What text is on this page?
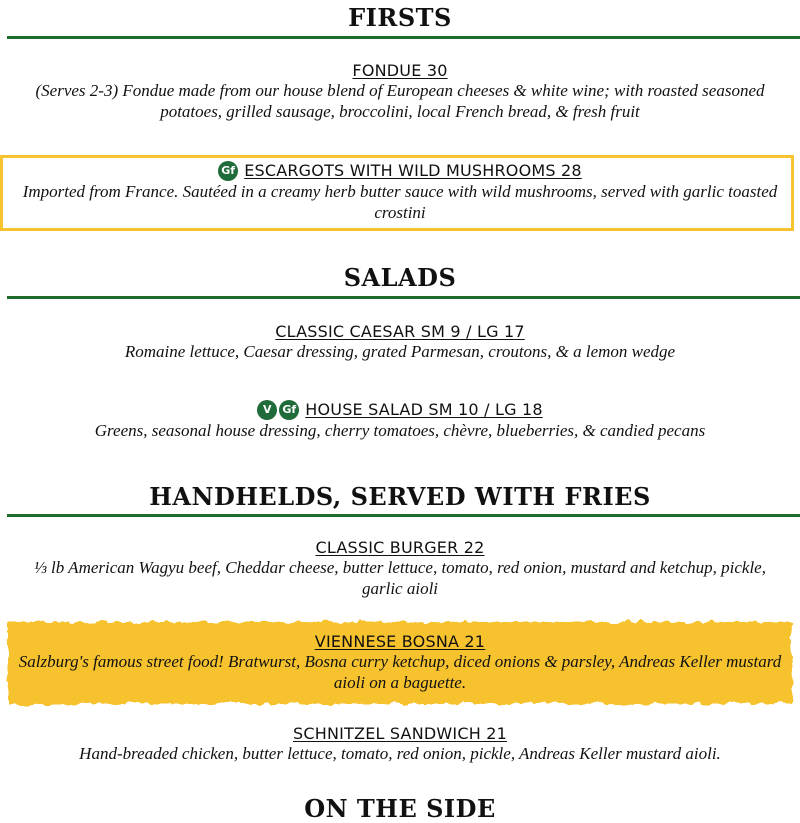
FIRSTS
FONDUE 30
(Serves 2-3) Fondue made from our house blend of European cheeses & white wine; with roasted seasoned potatoes, grilled sausage, broccolini, local French bread, & fresh fruit
Gf ESCARGOTS WITH WILD MUSHROOMS 28
Imported from France. Sautéed in a creamy herb butter sauce with wild mushrooms, served with garlic toasted crostini
SALADS
CLASSIC CAESAR SM 9 / LG 17
Romaine lettuce, Caesar dressing, grated Parmesan, croutons, & a lemon wedge
V Gf HOUSE SALAD SM 10 / LG 18
Greens, seasonal house dressing, cherry tomatoes, chèvre, blueberries, & candied pecans
HANDHELDS, SERVED WITH FRIES
CLASSIC BURGER 22
⅓ lb American Wagyu beef, Cheddar cheese, butter lettuce, tomato, red onion, mustard and ketchup, pickle, garlic aioli
VIENNESE BOSNA 21
Salzburg's famous street food! Bratwurst, Bosna curry ketchup, diced onions & parsley, Andreas Keller mustard aioli on a baguette.
SCHNITZEL SANDWICH 21
Hand-breaded chicken, butter lettuce, tomato, red onion, pickle, Andreas Keller mustard aioli.
ON THE SIDE
